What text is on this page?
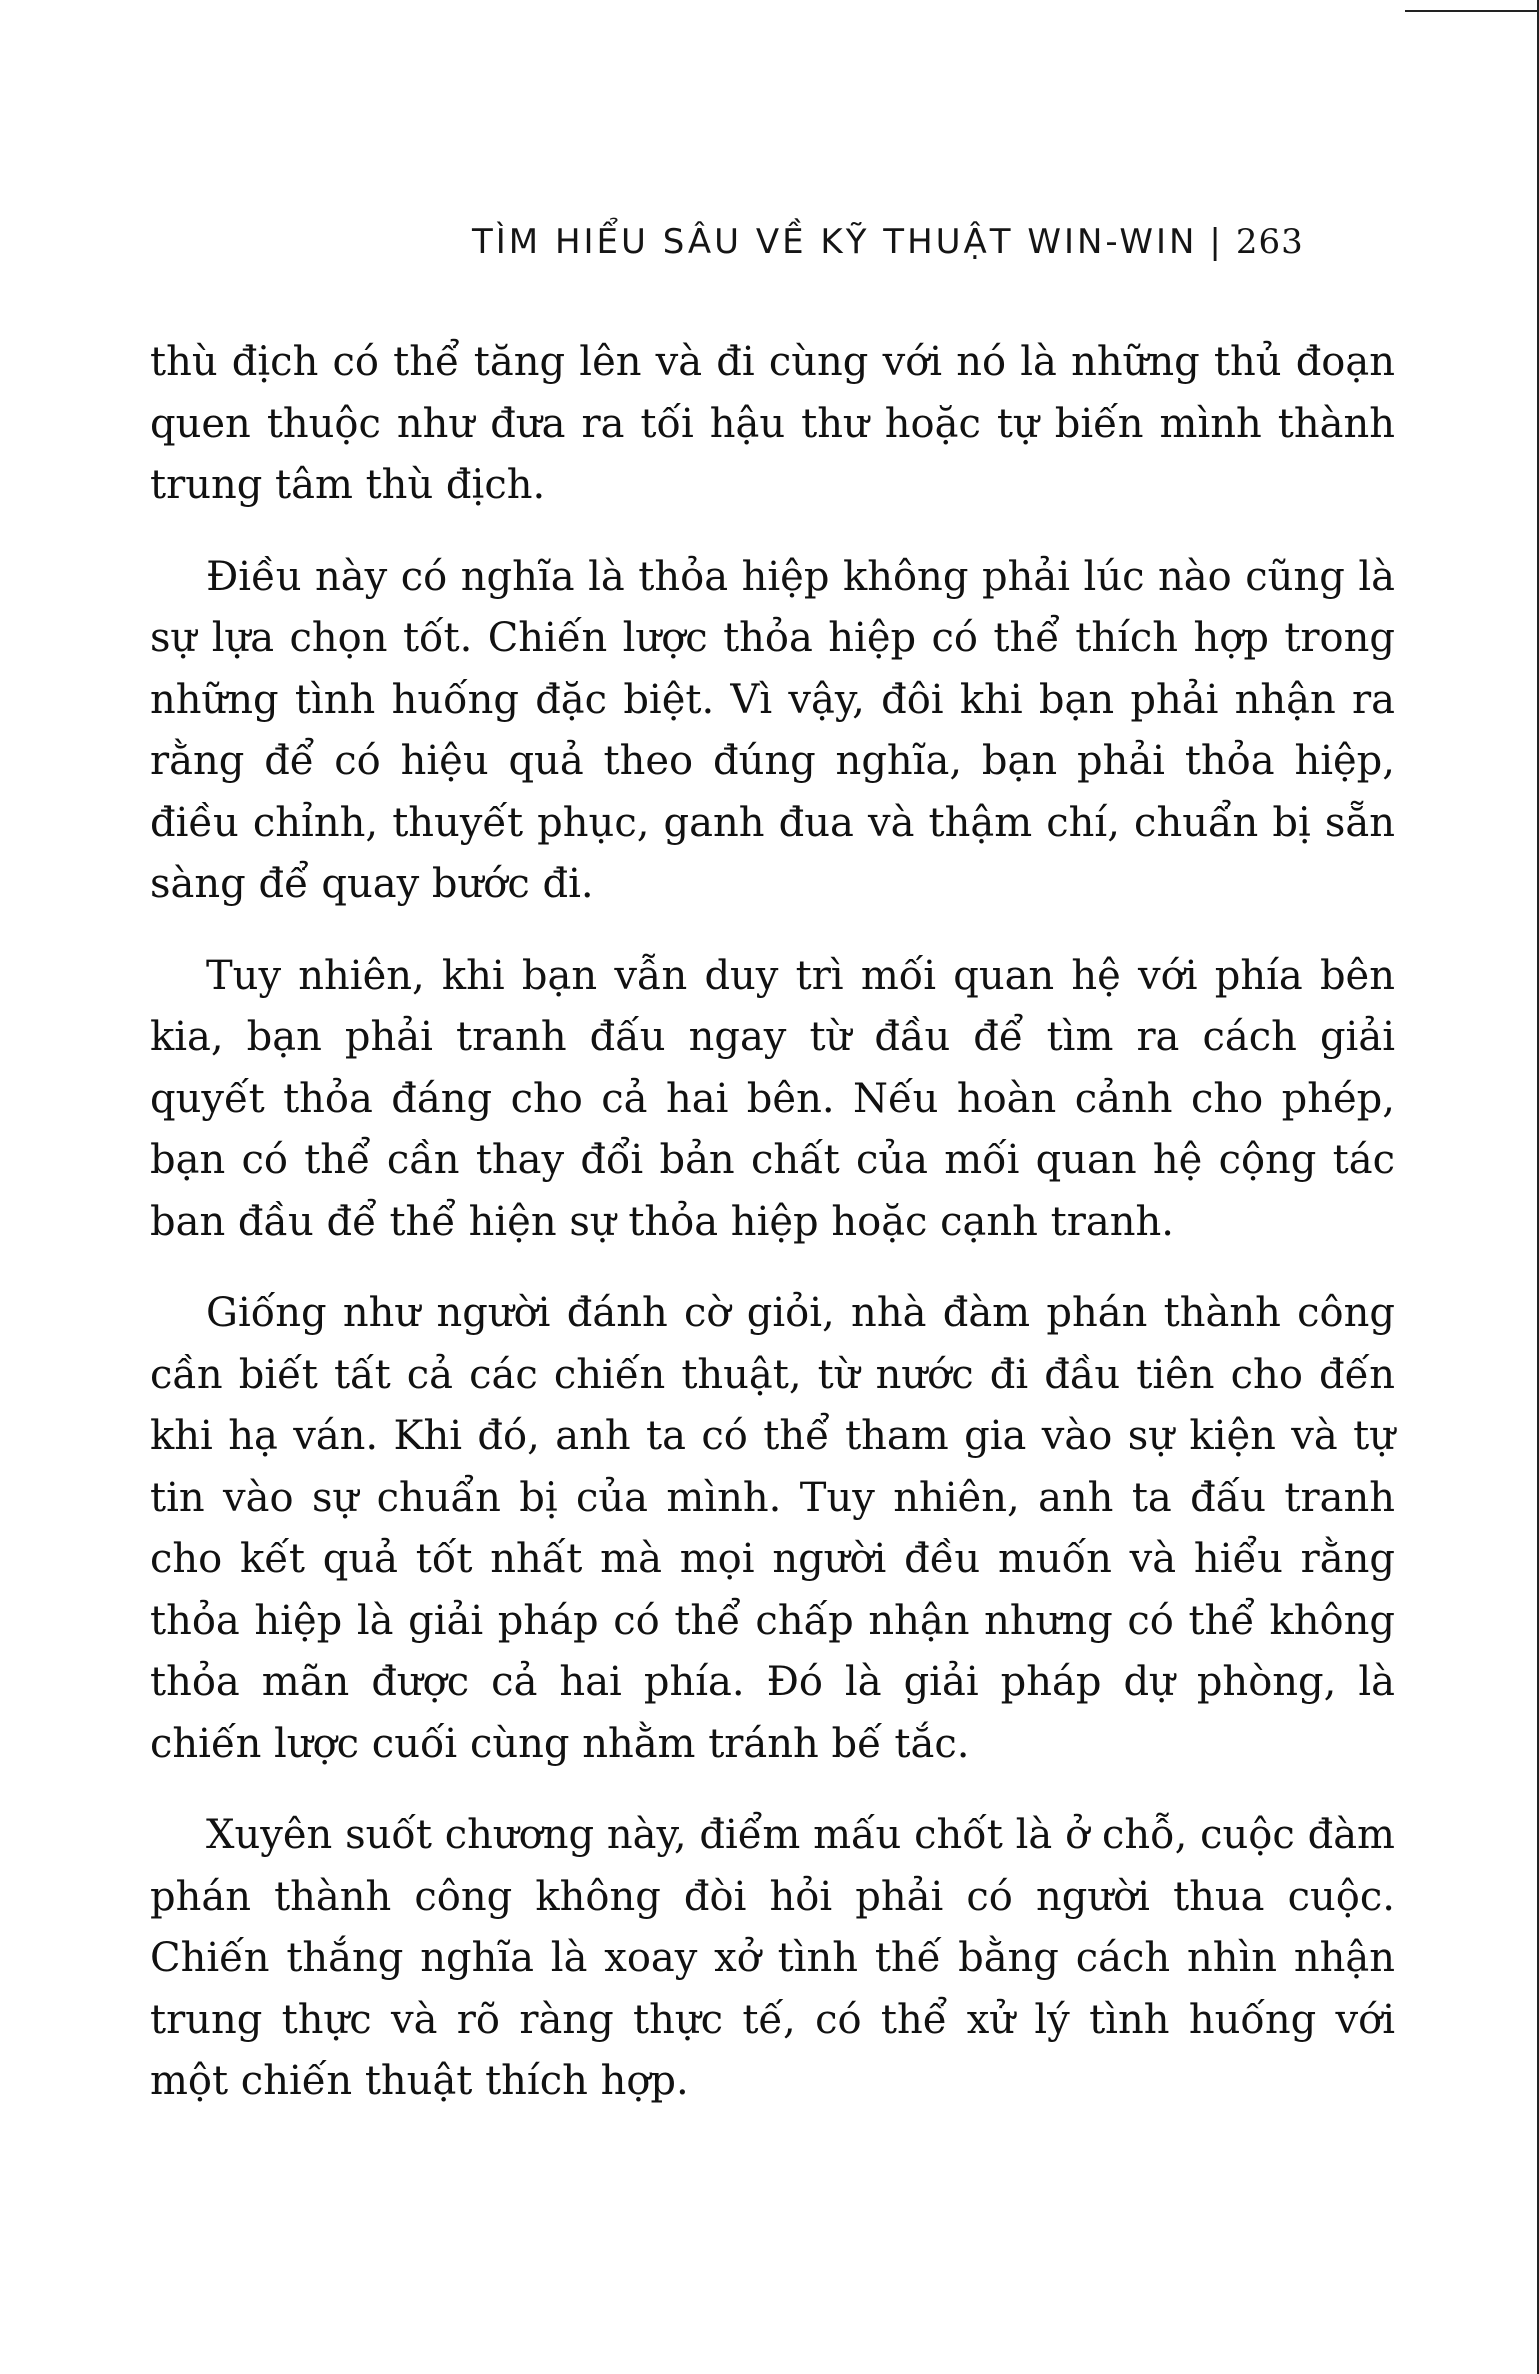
TÌM HIỂU SÂU VỀ KỸ THUẬT WIN-WIN | 263

thù địch có thể tăng lên và đi cùng với nó là những thủ đoạn quen thuộc như đưa ra tối hậu thư hoặc tự biến mình thành trung tâm thù địch.

Điều này có nghĩa là thỏa hiệp không phải lúc nào cũng là sự lựa chọn tốt. Chiến lược thỏa hiệp có thể thích hợp trong những tình huống đặc biệt. Vì vậy, đôi khi bạn phải nhận ra rằng để có hiệu quả theo đúng nghĩa, bạn phải thỏa hiệp, điều chỉnh, thuyết phục, ganh đua và thậm chí, chuẩn bị sẵn sàng để quay bước đi.

Tuy nhiên, khi bạn vẫn duy trì mối quan hệ với phía bên kia, bạn phải tranh đấu ngay từ đầu để tìm ra cách giải quyết thỏa đáng cho cả hai bên. Nếu hoàn cảnh cho phép, bạn có thể cần thay đổi bản chất của mối quan hệ cộng tác ban đầu để thể hiện sự thỏa hiệp hoặc cạnh tranh.

Giống như người đánh cờ giỏi, nhà đàm phán thành công cần biết tất cả các chiến thuật, từ nước đi đầu tiên cho đến khi hạ ván. Khi đó, anh ta có thể tham gia vào sự kiện và tự tin vào sự chuẩn bị của mình. Tuy nhiên, anh ta đấu tranh cho kết quả tốt nhất mà mọi người đều muốn và hiểu rằng thỏa hiệp là giải pháp có thể chấp nhận nhưng có thể không thỏa mãn được cả hai phía. Đó là giải pháp dự phòng, là chiến lược cuối cùng nhằm tránh bế tắc.

Xuyên suốt chương này, điểm mấu chốt là ở chỗ, cuộc đàm phán thành công không đòi hỏi phải có người thua cuộc. Chiến thắng nghĩa là xoay xở tình thế bằng cách nhìn nhận trung thực và rõ ràng thực tế, có thể xử lý tình huống với một chiến thuật thích hợp.
